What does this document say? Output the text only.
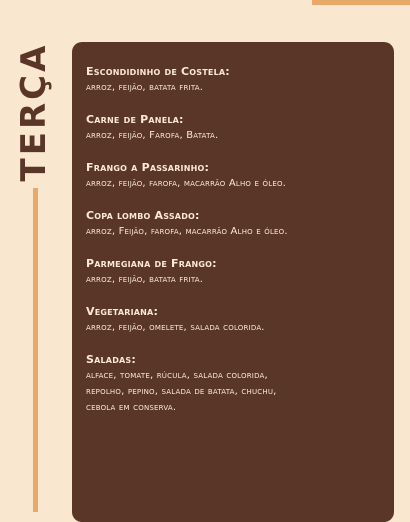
TERÇA	Escondidinho de Costela:
arroz, feijão, batata frita.
Carne de Panela:
arroz, feijão, Farofa, Batata.
Frango a Passarinho:
arroz, feijão, farofa, macarrão Alho e óleo.
Copa lombo Assado:
arroz, Feijão, farofa, macarrão Alho e óleo.
Parmegiana de Frango:
arroz, feijão, batata frita.
Vegetariana:
arroz, feijão, omelete, salada colorida.
Saladas:
alface, tomate, rúcula, salada colorida,
repolho, pepino, salada de batata, chuchu,
cebola em conserva.
